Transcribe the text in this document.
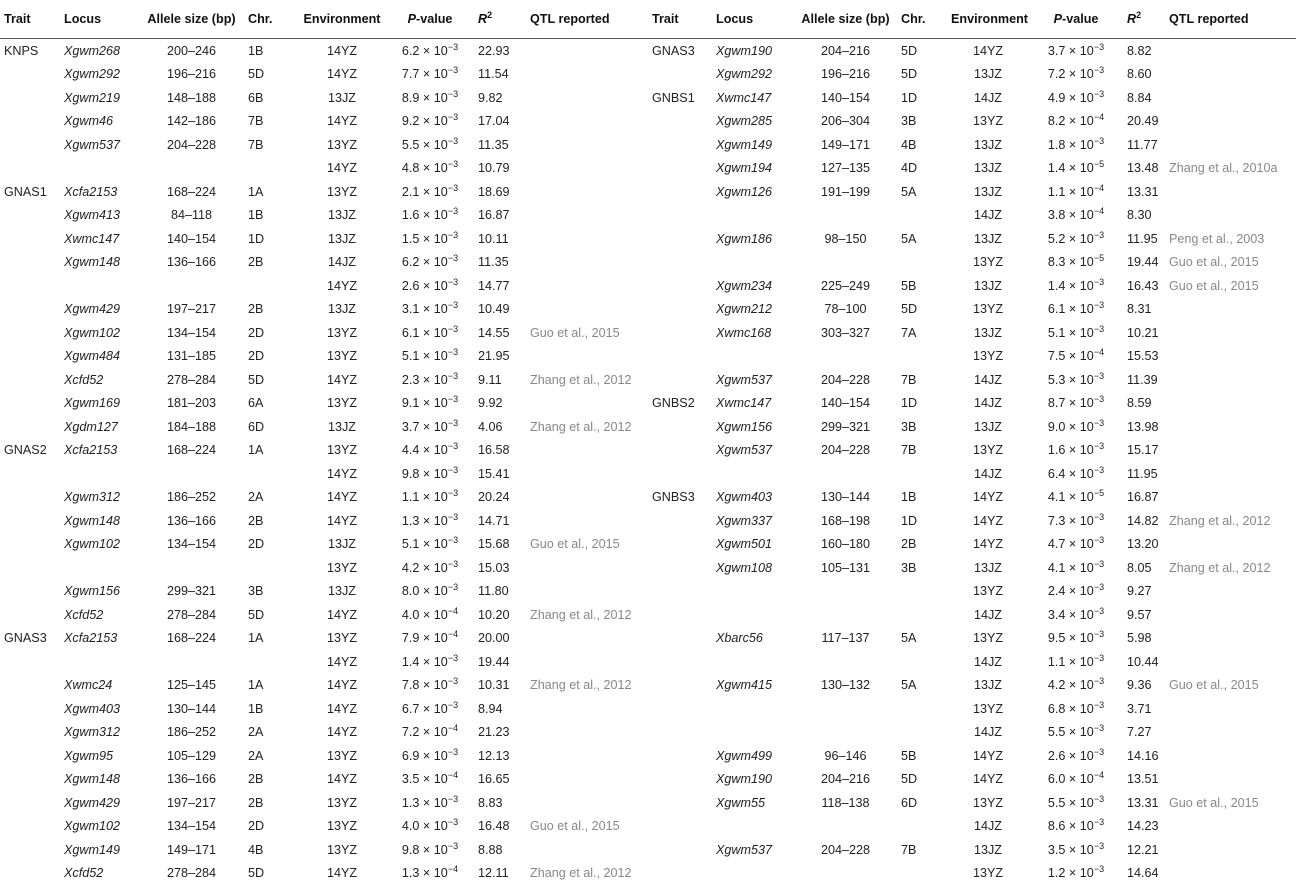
Trait	Locus	Allele size (bp)	Chr.	Environment	P-value	$R^2$	QTL reported
KNPS	Xgwm268	200–246	1B	14YZ	$6.2 \times 10^{-3}$	22.93	
	Xgwm292	196–216	5D	14YZ	$7.7 \times 10^{-3}$	11.54	
	Xgwm219	148–188	6B	13JZ	$8.9 \times 10^{-3}$	9.82	
	Xgwm46	142–186	7B	14YZ	$9.2 \times 10^{-3}$	17.04	
	Xgwm537	204–228	7B	13YZ	$5.5 \times 10^{-3}$	11.35	
				14YZ	$4.8 \times 10^{-3}$	10.79	
GNAS1	Xcfa2153	168–224	1A	13YZ	$2.1 \times 10^{-3}$	18.69	
	Xgwm413	84–118	1B	13JZ	$1.6 \times 10^{-3}$	16.87	
	Xwmc147	140–154	1D	13JZ	$1.5 \times 10^{-3}$	10.11	
	Xgwm148	136–166	2B	14JZ	$6.2 \times 10^{-3}$	11.35	
				14YZ	$2.6 \times 10^{-3}$	14.77	
	Xgwm429	197–217	2B	13JZ	$3.1 \times 10^{-3}$	10.49	
	Xgwm102	134–154	2D	13YZ	$6.1 \times 10^{-3}$	14.55	Guo et al., 2015
	Xgwm484	131–185	2D	13YZ	$5.1 \times 10^{-3}$	21.95	
	Xcfd52	278–284	5D	14YZ	$2.3 \times 10^{-3}$	9.11	Zhang et al., 2012
	Xgwm169	181–203	6A	13YZ	$9.1 \times 10^{-3}$	9.92	
	Xgdm127	184–188	6D	13JZ	$3.7 \times 10^{-3}$	4.06	Zhang et al., 2012
GNAS2	Xcfa2153	168–224	1A	13YZ	$4.4 \times 10^{-3}$	16.58	
				14YZ	$9.8 \times 10^{-3}$	15.41	
	Xgwm312	186–252	2A	14YZ	$1.1 \times 10^{-3}$	20.24	
	Xgwm148	136–166	2B	14YZ	$1.3 \times 10^{-3}$	14.71	
	Xgwm102	134–154	2D	13JZ	$5.1 \times 10^{-3}$	15.68	Guo et al., 2015
				13YZ	$4.2 \times 10^{-3}$	15.03	
	Xgwm156	299–321	3B	13JZ	$8.0 \times 10^{-3}$	11.80	
	Xcfd52	278–284	5D	14YZ	$4.0 \times 10^{-4}$	10.20	Zhang et al., 2012
GNAS3	Xcfa2153	168–224	1A	13YZ	$7.9 \times 10^{-4}$	20.00	
				14YZ	$1.4 \times 10^{-3}$	19.44	
	Xwmc24	125–145	1A	14YZ	$7.8 \times 10^{-3}$	10.31	Zhang et al., 2012
	Xgwm403	130–144	1B	14YZ	$6.7 \times 10^{-3}$	8.94	
	Xgwm312	186–252	2A	14YZ	$7.2 \times 10^{-4}$	21.23	
	Xgwm95	105–129	2A	13YZ	$6.9 \times 10^{-3}$	12.13	
	Xgwm148	136–166	2B	14YZ	$3.5 \times 10^{-4}$	16.65	
	Xgwm429	197–217	2B	13YZ	$1.3 \times 10^{-3}$	8.83	
	Xgwm102	134–154	2D	13YZ	$4.0 \times 10^{-3}$	16.48	Guo et al., 2015
	Xgwm149	149–171	4B	13YZ	$9.8 \times 10^{-3}$	8.88	
	Xcfd52	278–284	5D	14YZ	$1.3 \times 10^{-4}$	12.11	Zhang et al., 2012
Trait	Locus	Allele size (bp)	Chr.	Environment	P-value	$R^2$	QTL reported
GNAS3	Xgwm190	204–216	5D	14YZ	$3.7 \times 10^{-3}$	8.82	
	Xgwm292	196–216	5D	13JZ	$7.2 \times 10^{-3}$	8.60	
GNBS1	Xwmc147	140–154	1D	14JZ	$4.9 \times 10^{-3}$	8.84	
	Xgwm285	206–304	3B	13YZ	$8.2 \times 10^{-4}$	20.49	
	Xgwm149	149–171	4B	13JZ	$1.8 \times 10^{-3}$	11.77	
	Xgwm194	127–135	4D	13JZ	$1.4 \times 10^{-5}$	13.48	Zhang et al., 2010a
	Xgwm126	191–199	5A	13JZ	$1.1 \times 10^{-4}$	13.31	
				14JZ	$3.8 \times 10^{-4}$	8.30	
	Xgwm186	98–150	5A	13JZ	$5.2 \times 10^{-3}$	11.95	Peng et al., 2003
				13YZ	$8.3 \times 10^{-5}$	19.44	Guo et al., 2015
	Xgwm234	225–249	5B	13JZ	$1.4 \times 10^{-3}$	16.43	Guo et al., 2015
	Xgwm212	78–100	5D	13YZ	$6.1 \times 10^{-3}$	8.31	
	Xwmc168	303–327	7A	13JZ	$5.1 \times 10^{-3}$	10.21	
				13YZ	$7.5 \times 10^{-4}$	15.53	
	Xgwm537	204–228	7B	14JZ	$5.3 \times 10^{-3}$	11.39	
GNBS2	Xwmc147	140–154	1D	14JZ	$8.7 \times 10^{-3}$	8.59	
	Xgwm156	299–321	3B	13JZ	$9.0 \times 10^{-3}$	13.98	
	Xgwm537	204–228	7B	13YZ	$1.6 \times 10^{-3}$	15.17	
				14JZ	$6.4 \times 10^{-3}$	11.95	
GNBS3	Xgwm403	130–144	1B	14YZ	$4.1 \times 10^{-5}$	16.87	
	Xgwm337	168–198	1D	14YZ	$7.3 \times 10^{-3}$	14.82	Zhang et al., 2012
	Xgwm501	160–180	2B	14YZ	$4.7 \times 10^{-3}$	13.20	
	Xgwm108	105–131	3B	13JZ	$4.1 \times 10^{-3}$	8.05	Zhang et al., 2012
				13YZ	$2.4 \times 10^{-3}$	9.27	
				14JZ	$3.4 \times 10^{-3}$	9.57	
	Xbarc56	117–137	5A	13YZ	$9.5 \times 10^{-3}$	5.98	
				14JZ	$1.1 \times 10^{-3}$	10.44	
	Xgwm415	130–132	5A	13JZ	$4.2 \times 10^{-3}$	9.36	Guo et al., 2015
				13YZ	$6.8 \times 10^{-3}$	3.71	
				14JZ	$5.5 \times 10^{-3}$	7.27	
	Xgwm499	96–146	5B	14YZ	$2.6 \times 10^{-3}$	14.16	
	Xgwm190	204–216	5D	14YZ	$6.0 \times 10^{-4}$	13.51	
	Xgwm55	118–138	6D	13YZ	$5.5 \times 10^{-3}$	13.31	Guo et al., 2015
				14JZ	$8.6 \times 10^{-3}$	14.23	
	Xgwm537	204–228	7B	13JZ	$3.5 \times 10^{-3}$	12.21	
				13YZ	$1.2 \times 10^{-3}$	14.64	
